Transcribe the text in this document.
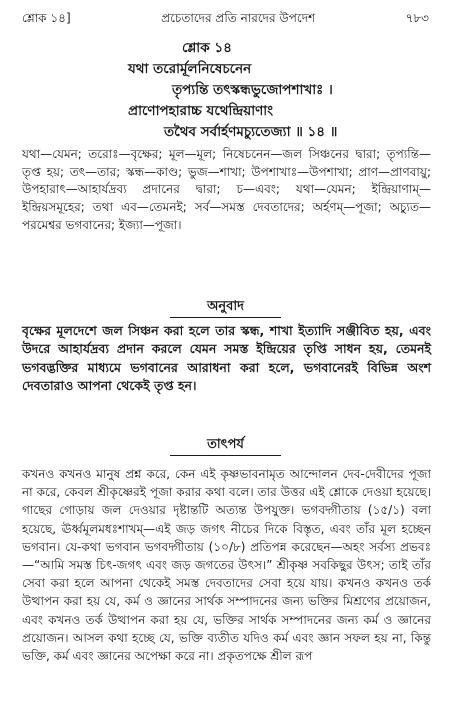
শ্লোক ১৪]	প্রচেতাদের প্রতি নারদের উপদেশ	৭৮৩
শ্লোক ১৪
যথা তরোর্মূলনিষেচনেন
তৃপ্যন্তি তৎস্কন্ধভুজোপশাখাঃ ।
প্রাণোপহারাচ্চ যথেন্দ্রিয়াণাং
তথৈব সর্বার্হণমচ্যুতেজ্যা ॥ ১৪ ॥

যথা—যেমন; তরোঃ—বৃক্ষের; মূল—মূল; নিষেচনেন—জল সিঞ্চনের দ্বারা; তৃপ্যন্তি—তৃপ্ত হয়; তৎ—তার; স্কন্ধ—কাণ্ড; ভুজ—শাখা; উপশাখাঃ—উপশাখা; প্রাণ—প্রাণবায়ু; উপহারাৎ—আহার্যদ্রব্য প্রদানের দ্বারা; চ—এবং; যথা—যেমন; ইন্দ্রিয়াণাম্—ইন্দ্রিয়সমূহের; তথা এব—তেমনই; সর্ব—সমস্ত দেবতাদের; অর্হণম্—পূজা; অচ্যুত—পরমেশ্বর ভগবানের; ইজ্যা—পূজা।

অনুবাদ

বৃক্ষের মূলদেশে জল সিঞ্চন করা হলে তার স্কন্ধ, শাখা ইত্যাদি সঞ্জীবিত হয়, এবং উদরে আহার্যদ্রব্য প্রদান করলে যেমন সমস্ত ইন্দ্রিয়ের তৃপ্তি সাধন হয়, তেমনই ভগবদ্ভক্তির মাধ্যমে ভগবানের আরাধনা করা হলে, ভগবানেরই বিভিন্ন অংশ দেবতারাও আপনা থেকেই তৃপ্ত হন।

তাৎপর্য

কখনও কখনও মানুষ প্রশ্ন করে, কেন এই কৃষ্ণভাবনামৃত আন্দোলন দেব-দেবীদের পূজা না করে, কেবল শ্রীকৃষ্ণেরই পূজা করার কথা বলে। তার উত্তর এই শ্লোকে দেওয়া হয়েছে। গাছের গোড়ায় জল দেওয়ার দৃষ্টান্তটি অত্যন্ত উপযুক্ত। ভগবদ্গীতায় (১৫/১) বলা হয়েছে, ঊর্ধ্বমূলমধঃশাখম্—এই জড় জগৎ নীচের দিকে বিস্তৃত, এবং তাঁর মূল হচ্ছেন ভগবান। যে-কথা ভগবান ভগবদ্গীতায় (১০/৮) প্রতিপন্ন করেছেন—অহং সর্বস্য প্রভবঃ—“আমি সমস্ত চিৎ-জগৎ এবং জড় জগতের উৎস।” শ্রীকৃষ্ণ সবকিছুর উৎস; তাই তাঁর সেবা করা হলে আপনা থেকেই সমস্ত দেবতাদের সেবা হয়ে যায়। কখনও কখনও তর্ক উত্থাপন করা হয় যে, কর্ম ও জ্ঞানের সার্থক সম্পাদনের জন্য ভক্তির মিশ্রণের প্রয়োজন, এবং কখনও তর্ক উত্থাপন করা হয় যে, ভক্তির সার্থক সম্পাদনের জন্য কর্ম ও জ্ঞানের প্রয়োজন। আসল কথা হচ্ছে যে, ভক্তি ব্যতীত যদিও কর্ম এবং জ্ঞান সফল হয় না, কিন্তু ভক্তি, কর্ম এবং জ্ঞানের অপেক্ষা করে না। প্রকৃতপক্ষে শ্রীল রূপ
